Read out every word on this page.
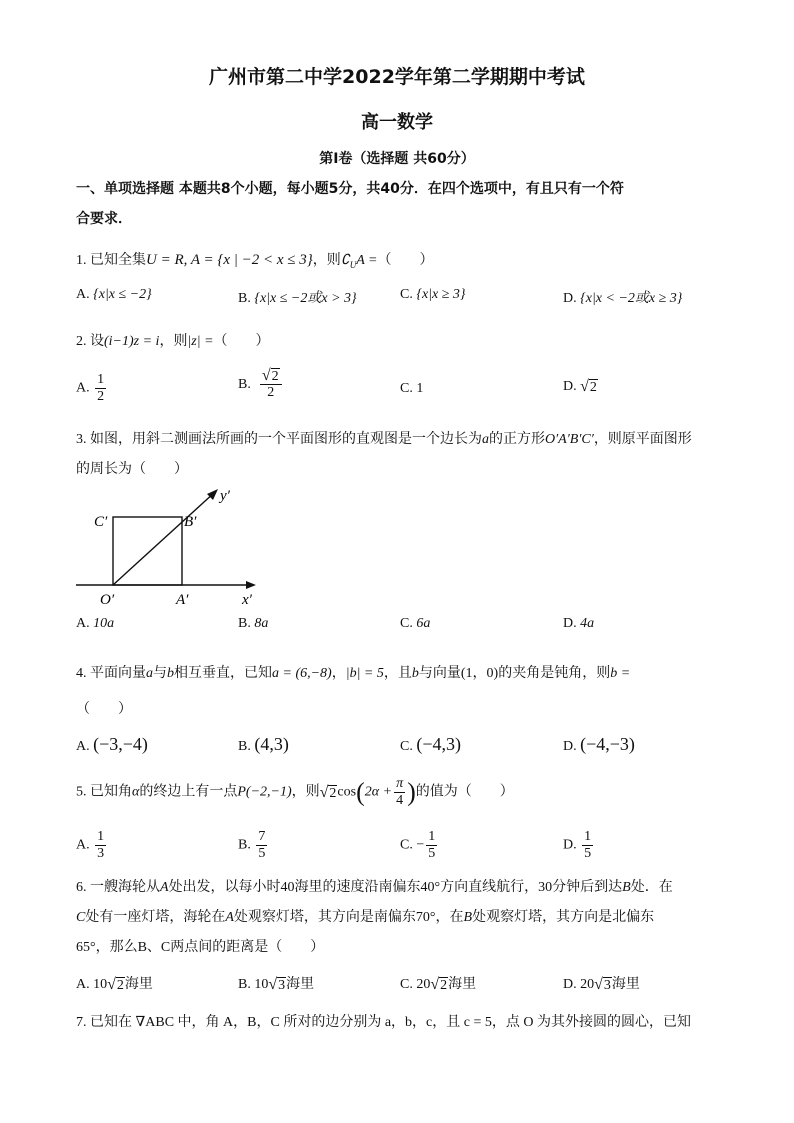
广州市第二中学2022学年第二学期期中考试
高一数学
第Ⅰ卷（选择题 共60分）
一、单项选择题 本题共8个小题，每小题5分，共40分．在四个选项中，有且只有一个符
合要求．
1. 已知全集U = R, A = {x | −2 < x ≤ 3}，则$∁_UA$ =（　　）
A. {x|x ≤ −2}	B. {x|x ≤ −2或x > 3}	C. {x|x ≥ 3}	D. {x|x < −2或x ≥ 3}
2. 设(i−1)z = i，则|z| =（　　）
A. $\frac{1}{2}$	B. $\frac{√ 2}{2}$	C. 1	D. √ 2
3. 如图，用斜二测画法所画的一个平面图形的直观图是一个边长为a的正方形O′A′B′C′，则原平面图形
的周长为（　　）
y′
x′
O′	A′
B′
C′
A. 10a	B. 8a	C. 6a	D. 4a
4. 平面向量a与b相互垂直，已知a = (6,−8)，|b| = 5，且b与向量(1，0)的夹角是钝角，则b =
（　　）
A. (−3,−4)	B. (4,3)	C. (−4,3)	D. (−4,−3)
5. 已知角α的终边上有一点P(−2,−1)，则 √ 2 $\cos(2\alpha + \frac{\pi}{4}$ )的值为（　　）
A. $\frac{1}{3}$	B. $\frac{7}{5}$	C. − $\frac{1}{5}$	D. $\frac{1}{5}$
6. 一艘海轮从A处出发，以每小时40海里的速度沿南偏东40°方向直线航行，30分钟后到达B处．在
C处有一座灯塔，海轮在A处观察灯塔，其方向是南偏东70°，在B处观察灯塔，其方向是北偏东
65°，那么B、C两点间的距离是（　　）
A. 10 √ 2 海里	B. 10 √ 3 海里	C. 20 √ 2 海里	D. 20 √ 3 海里
7. 已知在 ∇ABC 中，角 A，B，C 所对的边分别为 a，b，c，且 c = 5，点 O 为其外接圆的圆心，已知
